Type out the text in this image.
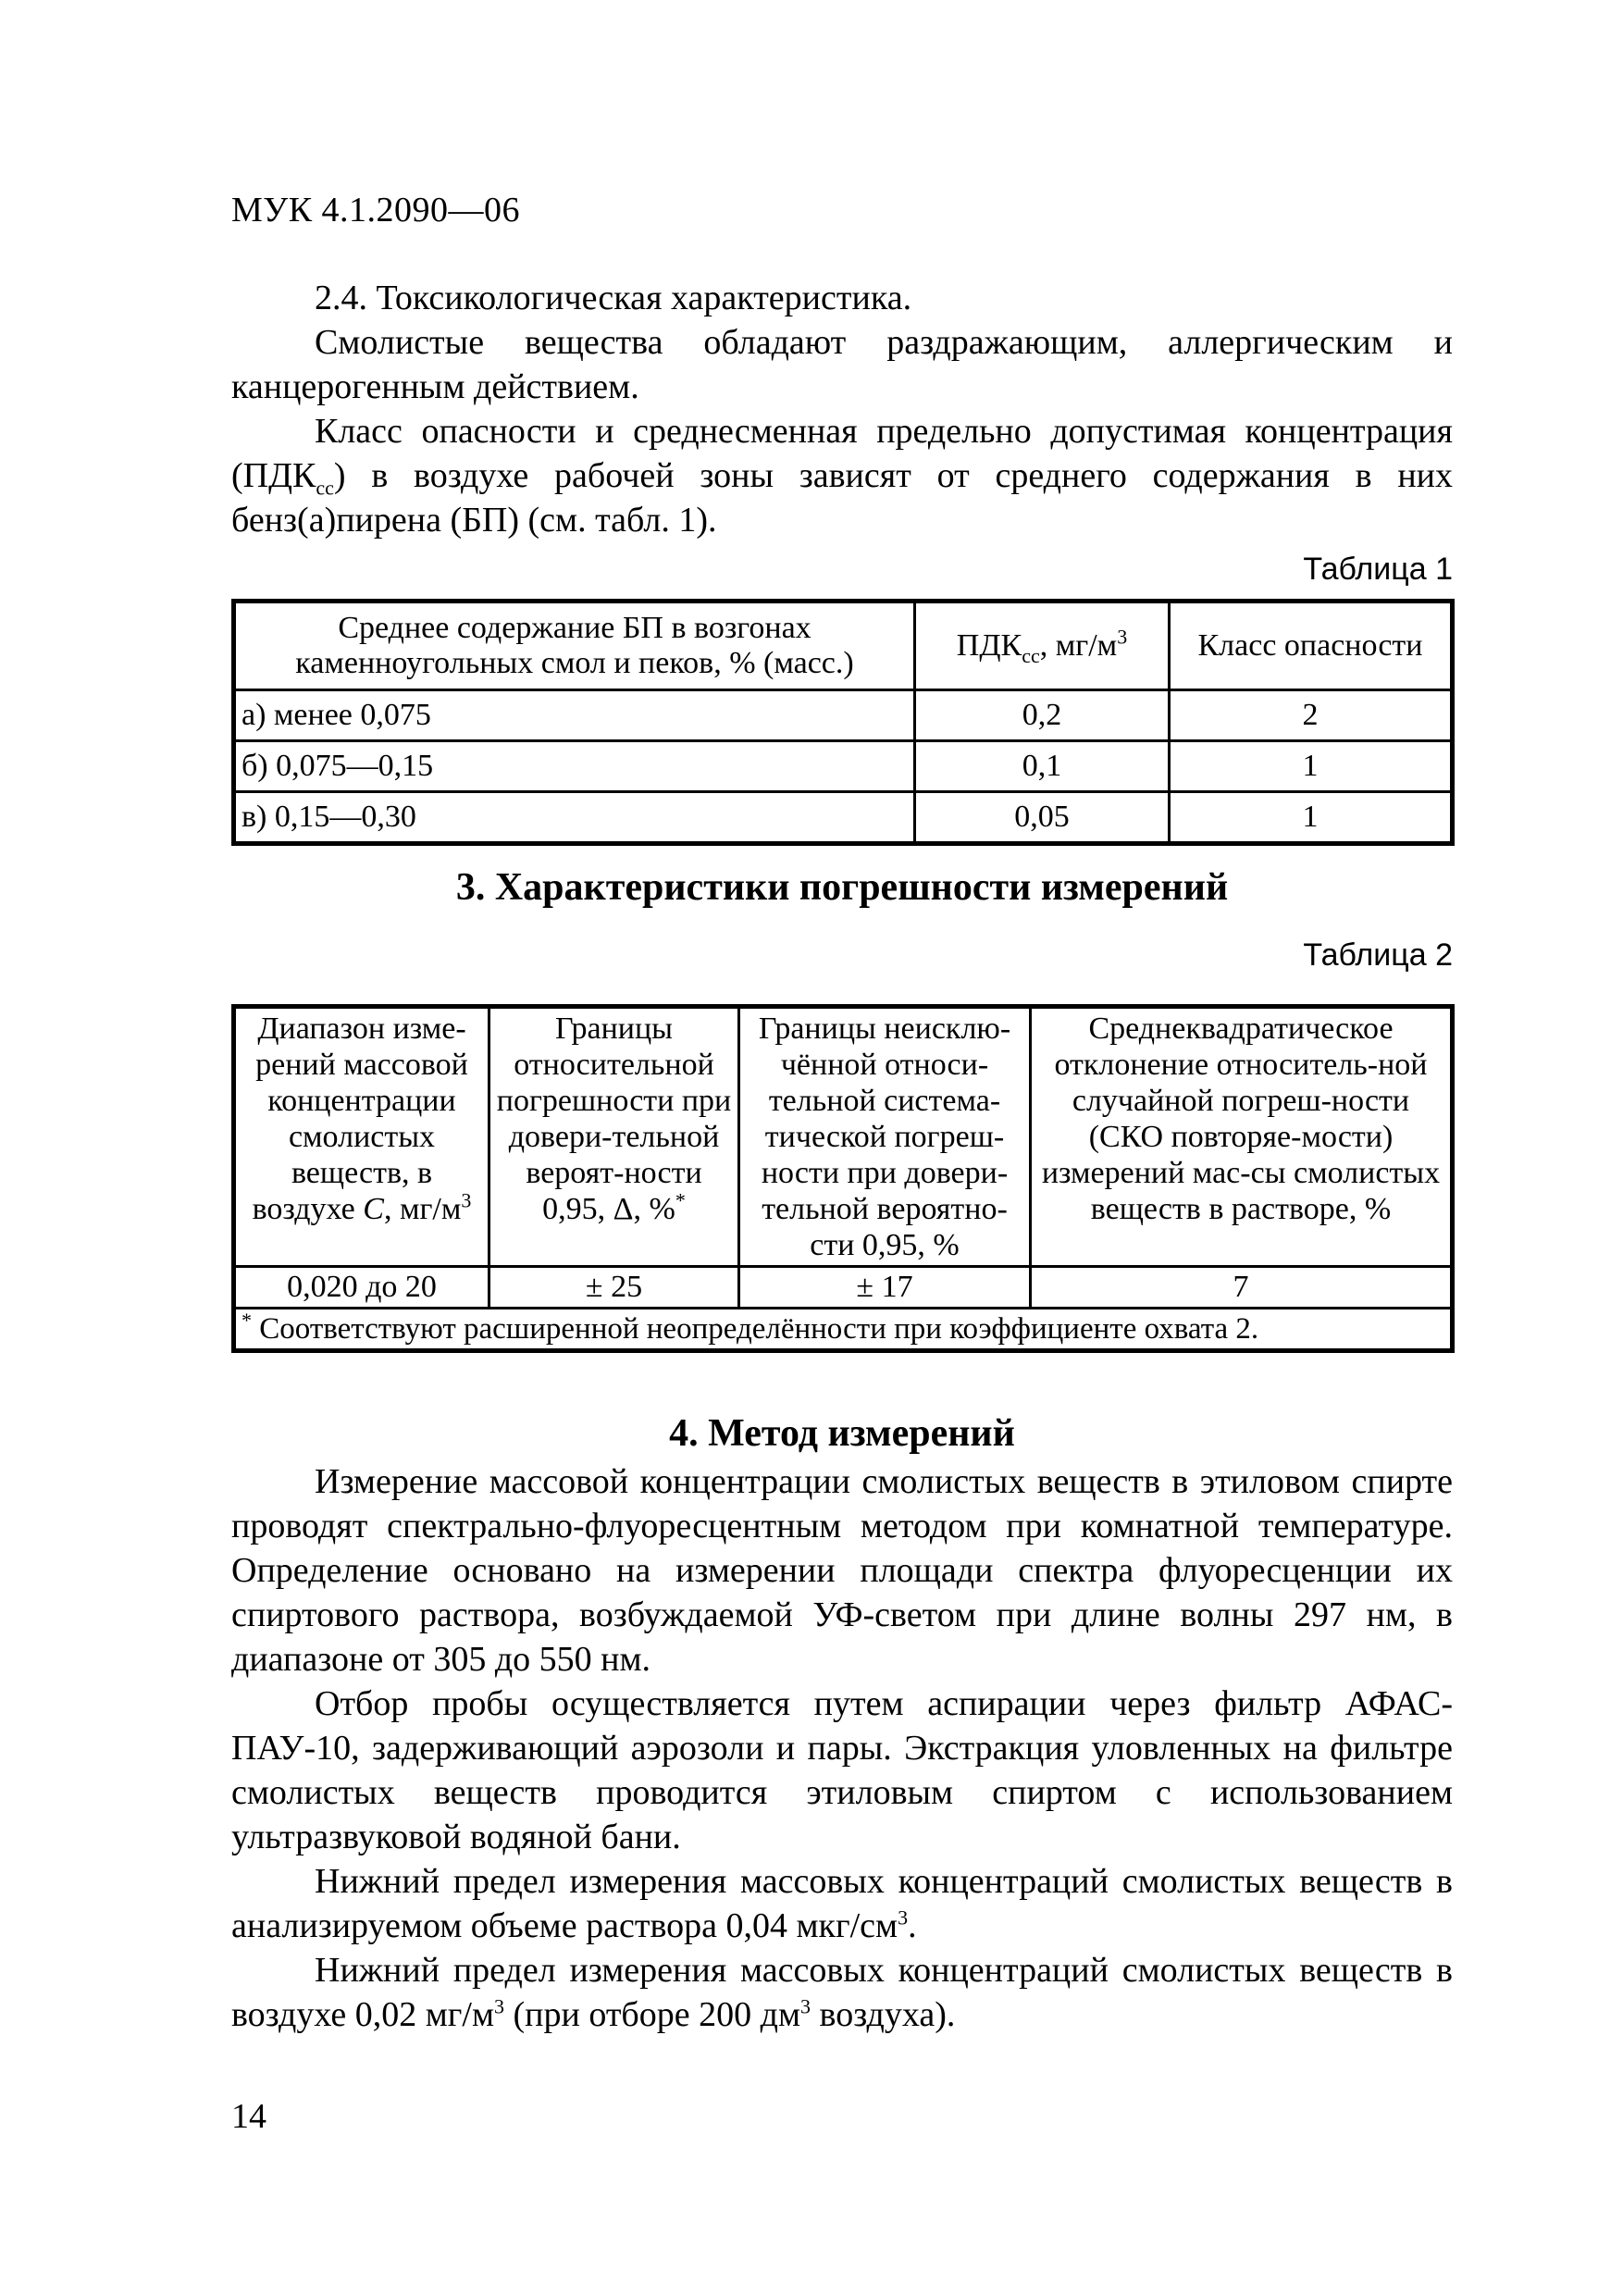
МУК 4.1.2090—06

2.4. Токсикологическая характеристика.

Смолистые вещества обладают раздражающим, аллергическим и канцерогенным действием.

Класс опасности и среднесменная предельно допустимая концентрация $(ПДК_{сс})$ в воздухе рабочей зоны зависят от среднего содержания в них бенз(а)пирена (БП) (см. табл. 1).

Таблица 1

Среднее содержание БП в возгонах каменноугольных смол и пеков, % (масс.)	$ПДК_{сс}$, $мг/м^3$	Класс опасности
а) менее 0,075	0,2	2
б) 0,075—0,15	0,1	1
в) 0,15—0,30	0,05	1

3. Характеристики погрешности измерений

Таблица 2

Диапазон изме-рений массовой концентрации смолистых веществ, в воздухе С, $мг/м^3$	Границы относительной погрешности при довери-тельной вероят-ности 0,95, Δ, %*	Границы неисклю-чённой относи-тельной система-тической погреш-ности при довери-тельной вероятно-сти 0,95, %	Среднеквадратическое отклонение относитель-ной случайной погреш-ности (СКО повторяе-мости) измерений мас-сы смолистых веществ в растворе, %
0,020 до 20	± 25	± 17	7
* Соответствуют расширенной неопределённости при коэффициенте охвата 2.			

4. Метод измерений

Измерение массовой концентрации смолистых веществ в этиловом спирте проводят спектрально-флуоресцентным методом при комнатной температуре. Определение основано на измерении площади спектра флуоресценции их спиртового раствора, возбуждаемой УФ-светом при длине волны 297 нм, в диапазоне от 305 до 550 нм.

Отбор пробы осуществляется путем аспирации через фильтр АФАС-ПАУ-10, задерживающий аэрозоли и пары. Экстракция уловленных на фильтре смолистых веществ проводится этиловым спиртом с использованием ультразвуковой водяной бани.

Нижний предел измерения массовых концентраций смолистых веществ в анализируемом объеме раствора 0,04 мкг/$см^3$.

Нижний предел измерения массовых концентраций смолистых веществ в воздухе 0,02 $мг/м^3$ (при отборе 200 $дм^3$ воздуха).

14
